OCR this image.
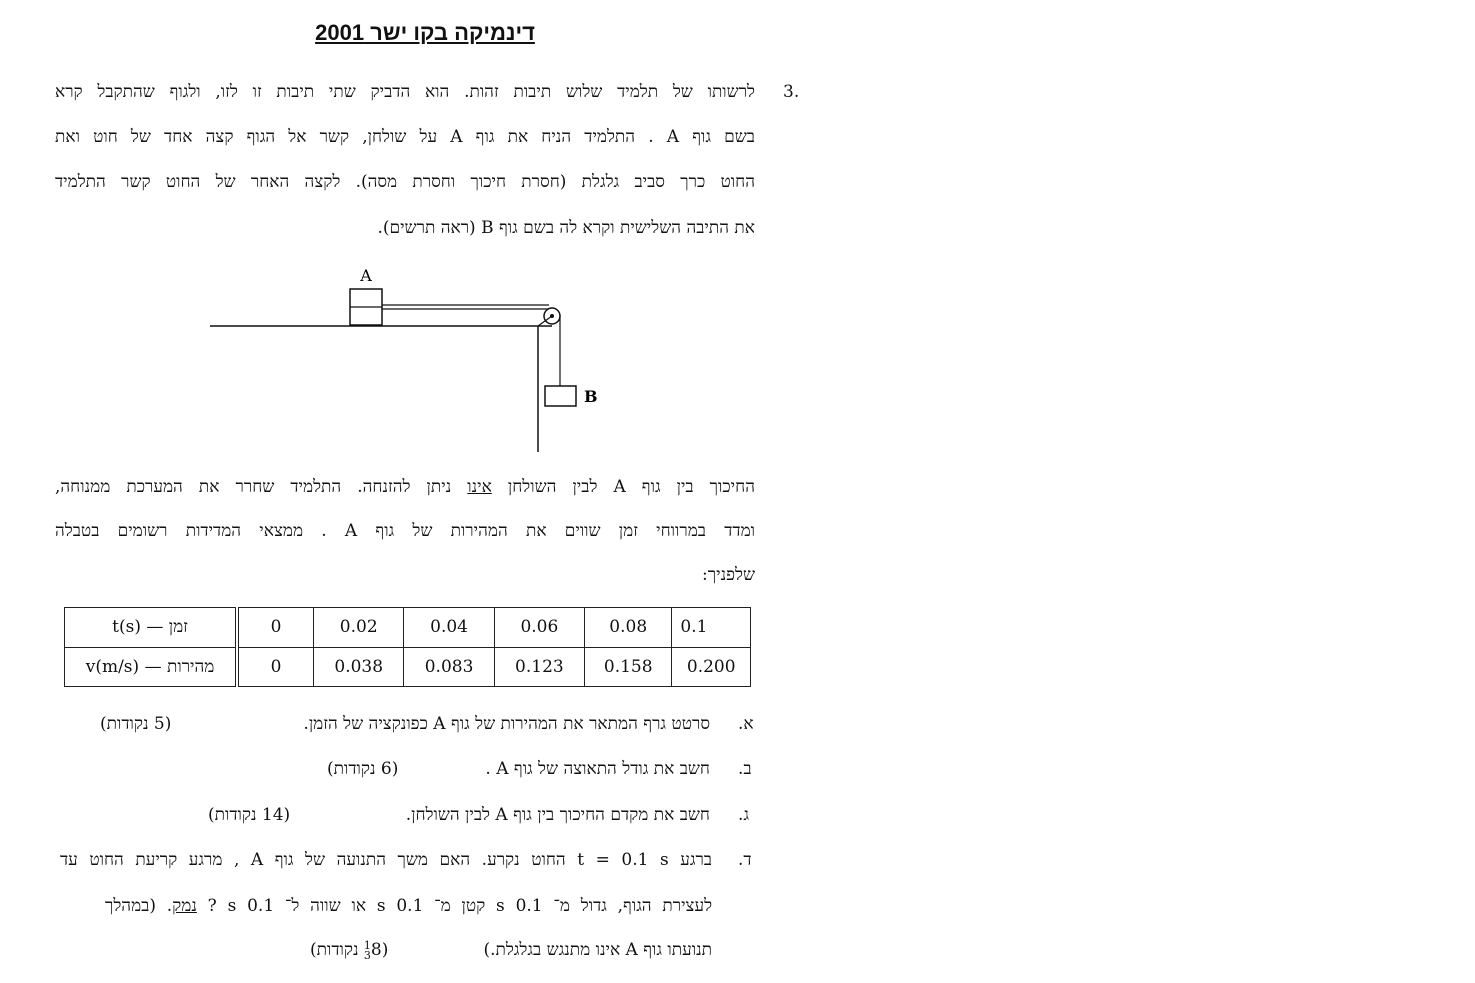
דינמיקה בקו ישר 2001
3.
לרשותו של תלמיד שלוש תיבות זהות. הוא הדביק שתי תיבות זו לזו, ולגוף שהתקבל קרא
בשם גוף A . התלמיד הניח את גוף A על שולחן, קשר אל הגוף קצה אחד של חוט ואת
החוט כרך סביב גלגלת (חסרת חיכוך וחסרת מסה). לקצה האחר של החוט קשר התלמיד
את התיבה השלישית וקרא לה בשם גוף B (ראה תרשים).
A
B
החיכוך בין גוף A לבין השולחן אינו ניתן להזנחה. התלמיד שחרר את המערכת ממנוחה,
ומדד במרווחי זמן שווים את המהירות של גוף A . ממצאי המדידות רשומים בטבלה
שלפניך:
זמן — t(s)	0	0.02	0.04	0.06	0.08	0.1
מהירות — v(m/s)	0	0.038	0.083	0.123	0.158	0.200
א.
סרטט גרף המתאר את המהירות של גוף A כפונקציה של הזמן.
(5 נקודות)
ב.
חשב את גודל התאוצה של גוף A .
(6 נקודות)
ג.
חשב את מקדם החיכוך בין גוף A לבין השולחן.
(14 נקודות)
ד.
ברגע t = 0.1 s החוט נקרע. האם משך התנועה של גוף A , מרגע קריעת החוט עד
לעצירת הגוף, גדול מ־ 0.1 s קטן מ־ 0.1 s או שווה ל־ 0.1 s ? נמק. (במהלך
תנועתו גוף A אינו מתנגש בגלגלת.)
(81
3 נקודות)
